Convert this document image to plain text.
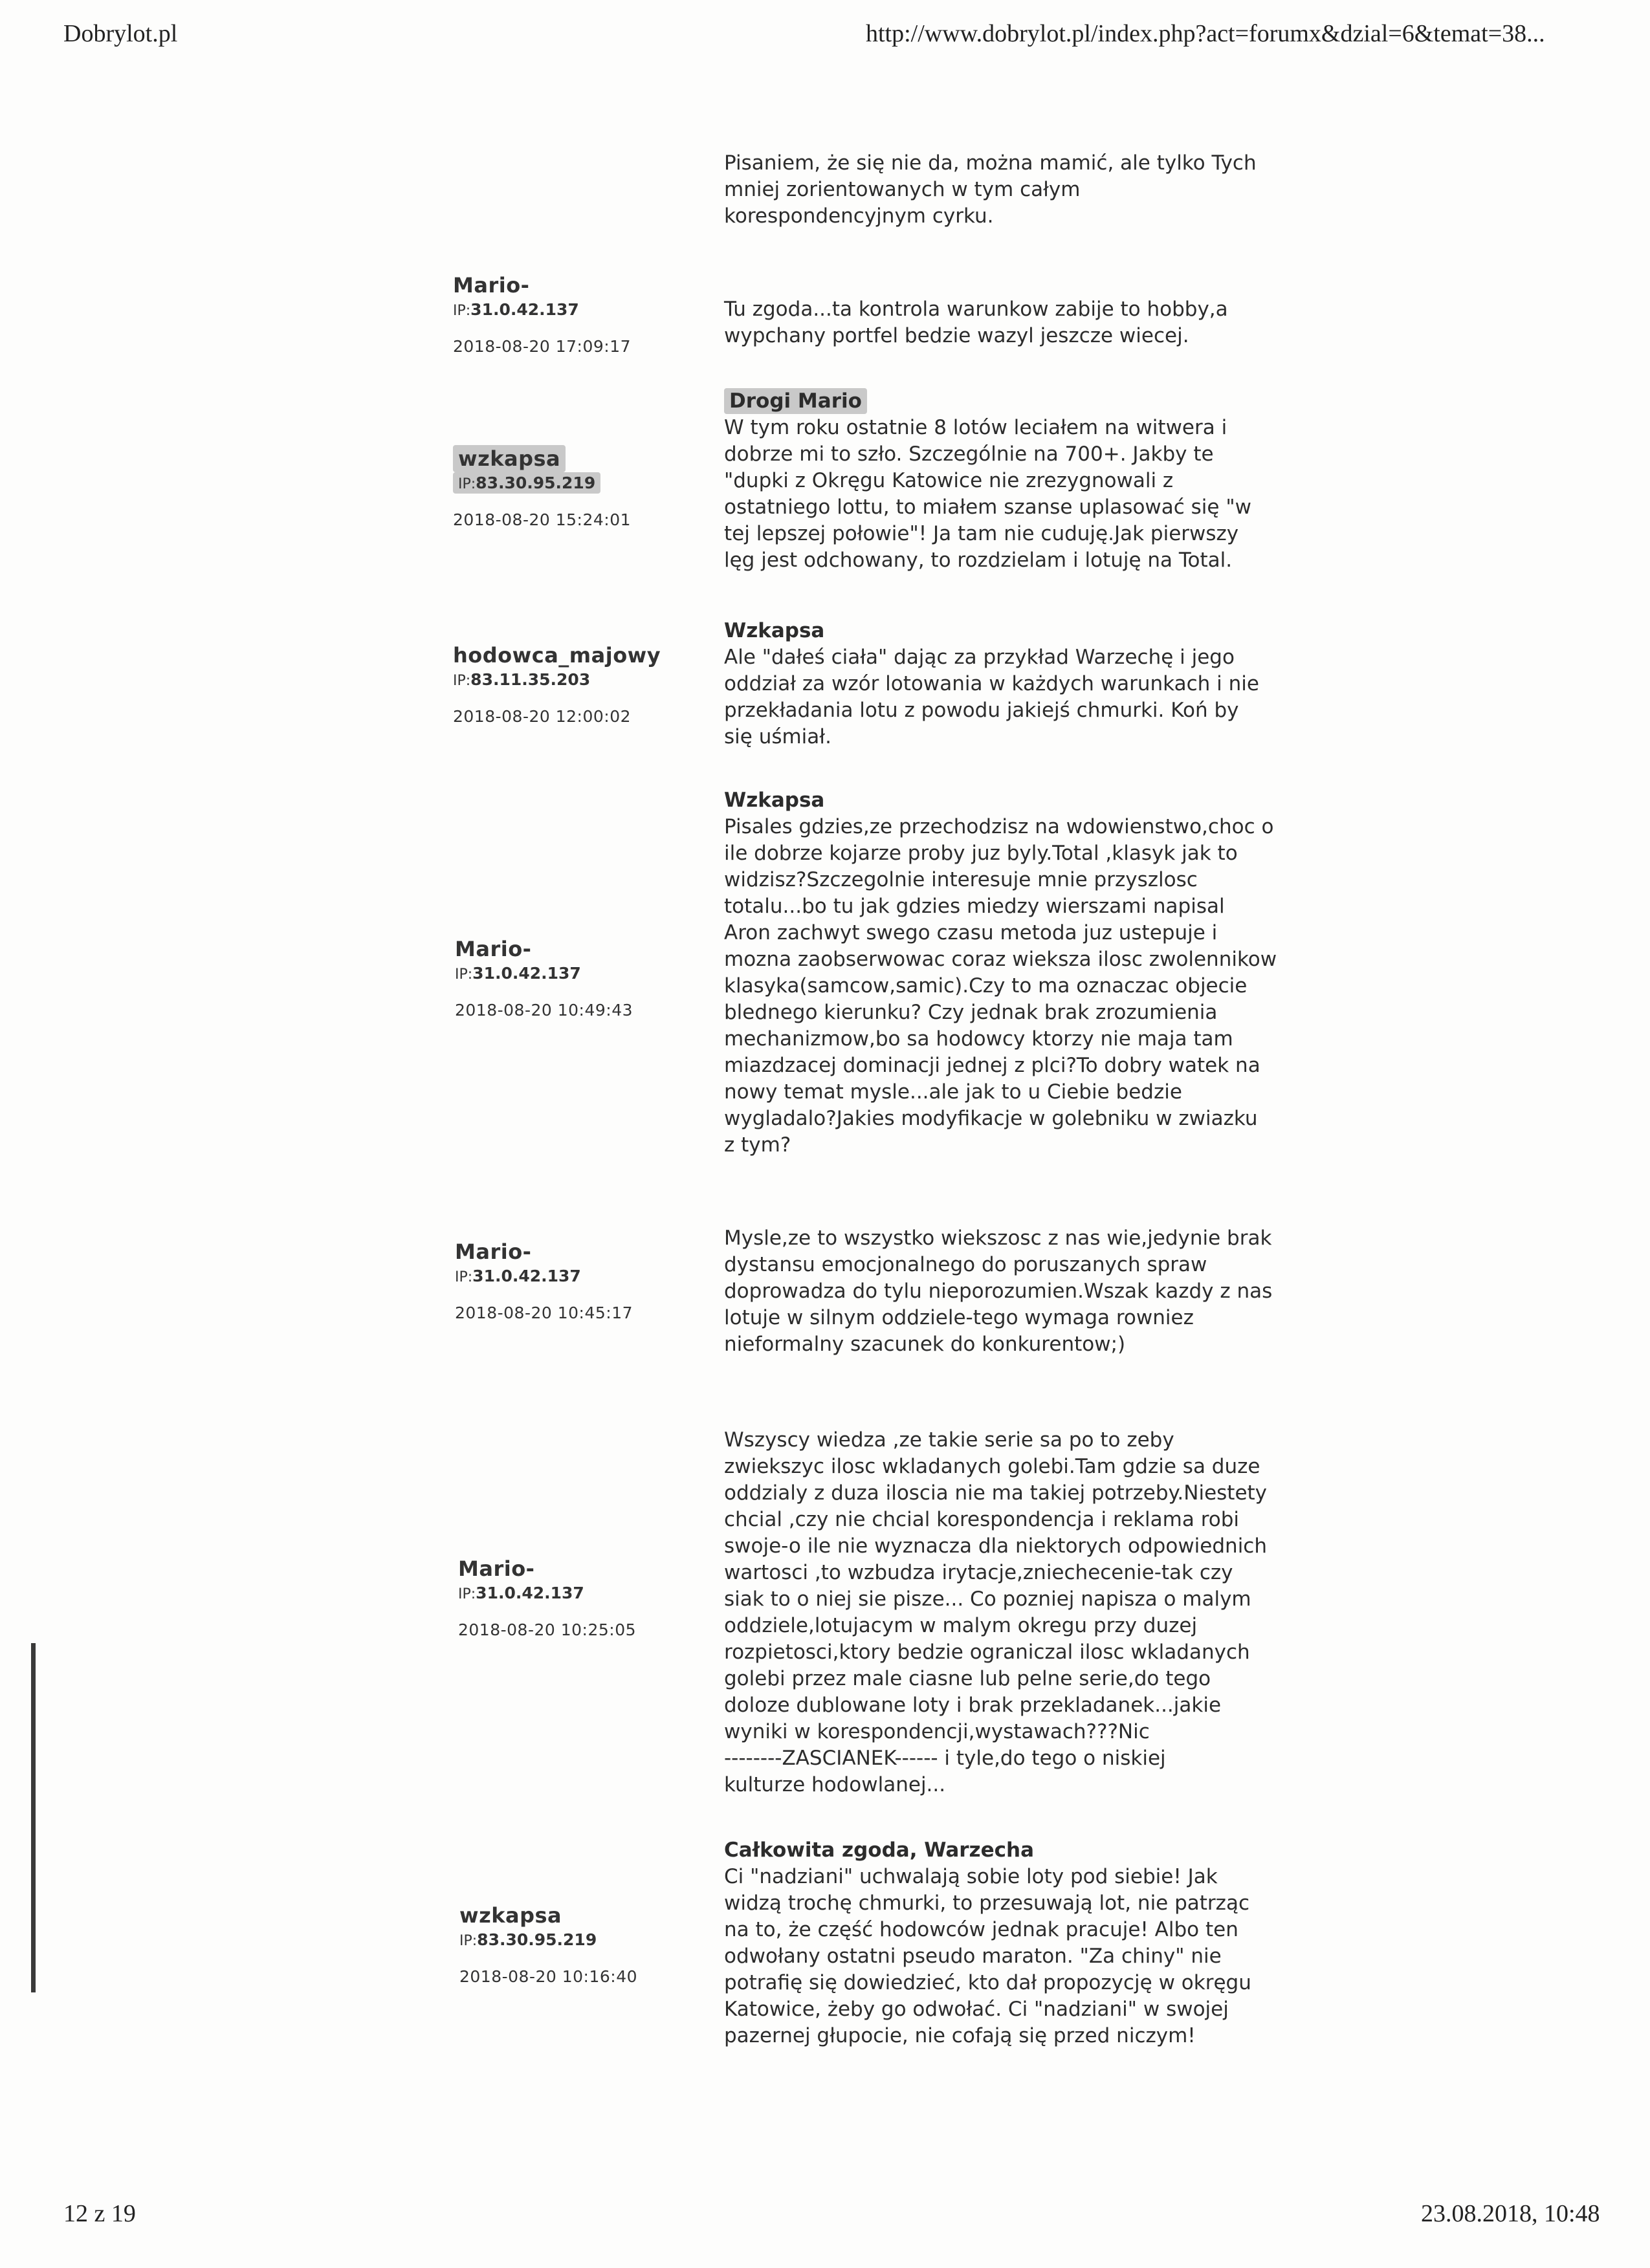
Dobrylot.pl	http://www.dobrylot.pl/index.php?act=forumx&dzial=6&temat=38...
Pisaniem, że się nie da, można mamić, ale tylko Tych
mniej zorientowanych w tym całym
korespondencyjnym cyrku.
Mario-
IP:31.0.42.137
2018-08-20 17:09:17
Tu zgoda...ta kontrola warunkow zabije to hobby,a
wypchany portfel bedzie wazyl jeszcze wiecej.
wzkapsa
IP:83.30.95.219
2018-08-20 15:24:01
Drogi Mario
W tym roku ostatnie 8 lotów leciałem na witwera i
dobrze mi to szło. Szczególnie na 700+. Jakby te
"dupki z Okręgu Katowice nie zrezygnowali z
ostatniego lottu, to miałem szanse uplasować się "w
tej lepszej połowie"! Ja tam nie cuduję.Jak pierwszy
lęg jest odchowany, to rozdzielam i lotuję na Total.
hodowca_majowy
IP:83.11.35.203
2018-08-20 12:00:02
Wzkapsa
Ale "dałeś ciała" dając za przykład Warzechę i jego
oddział za wzór lotowania w każdych warunkach i nie
przekładania lotu z powodu jakiejś chmurki. Koń by
się uśmiał.
Mario-
IP:31.0.42.137
2018-08-20 10:49:43
Wzkapsa
Pisales gdzies,ze przechodzisz na wdowienstwo,choc o
ile dobrze kojarze proby juz byly.Total ,klasyk jak to
widzisz?Szczegolnie interesuje mnie przyszlosc
totalu...bo tu jak gdzies miedzy wierszami napisal
Aron zachwyt swego czasu metoda juz ustepuje i
mozna zaobserwowac coraz wieksza ilosc zwolennikow
klasyka(samcow,samic).Czy to ma oznaczac objecie
blednego kierunku? Czy jednak brak zrozumienia
mechanizmow,bo sa hodowcy ktorzy nie maja tam
miazdzacej dominacji jednej z plci?To dobry watek na
nowy temat mysle...ale jak to u Ciebie bedzie
wygladalo?Jakies modyfikacje w golebniku w zwiazku
z tym?
Mario-
IP:31.0.42.137
2018-08-20 10:45:17
Mysle,ze to wszystko wiekszosc z nas wie,jedynie brak
dystansu emocjonalnego do poruszanych spraw
doprowadza do tylu nieporozumien.Wszak kazdy z nas
lotuje w silnym oddziele-tego wymaga rowniez
nieformalny szacunek do konkurentow;)
Mario-
IP:31.0.42.137
2018-08-20 10:25:05
Wszyscy wiedza ,ze takie serie sa po to zeby
zwiekszyc ilosc wkladanych golebi.Tam gdzie sa duze
oddzialy z duza iloscia nie ma takiej potrzeby.Niestety
chcial ,czy nie chcial korespondencja i reklama robi
swoje-o ile nie wyznacza dla niektorych odpowiednich
wartosci ,to wzbudza irytacje,zniechecenie-tak czy
siak to o niej sie pisze... Co pozniej napisza o malym
oddziele,lotujacym w malym okregu przy duzej
rozpietosci,ktory bedzie ograniczal ilosc wkladanych
golebi przez male ciasne lub pelne serie,do tego
doloze dublowane loty i brak przekladanek...jakie
wyniki w korespondencji,wystawach???Nic
--------ZASCIANEK------ i tyle,do tego o niskiej
kulturze hodowlanej...
wzkapsa
IP:83.30.95.219
2018-08-20 10:16:40
Całkowita zgoda, Warzecha
Ci "nadziani" uchwalają sobie loty pod siebie! Jak
widzą trochę chmurki, to przesuwają lot, nie patrząc
na to, że część hodowców jednak pracuje! Albo ten
odwołany ostatni pseudo maraton. "Za chiny" nie
potrafię się dowiedzieć, kto dał propozycję w okręgu
Katowice, żeby go odwołać. Ci "nadziani" w swojej
pazernej głupocie, nie cofają się przed niczym!
12 z 19	23.08.2018, 10:48
